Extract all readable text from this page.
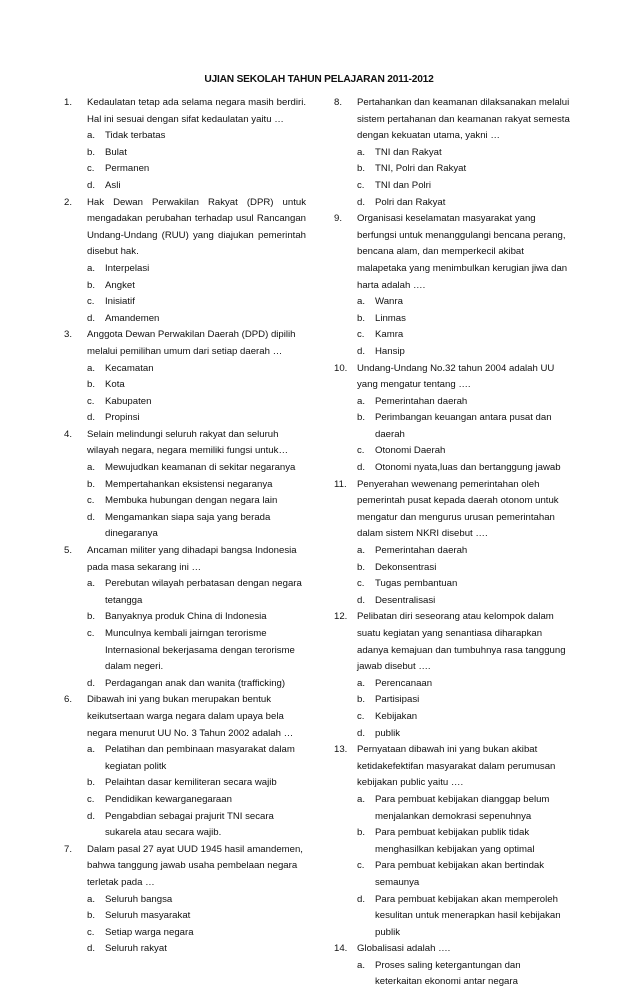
UJIAN SEKOLAH TAHUN PELAJARAN 2011-2012
1.	Kedaulatan tetap ada selama negara masih berdiri. Hal ini sesuai dengan sifat kedaulatan yaitu …
a.	Tidak terbatas
b.	Bulat
c.	Permanen
d.	Asli
2.	Hak Dewan Perwakilan Rakyat (DPR) untuk mengadakan perubahan terhadap usul Rancangan Undang-Undang (RUU) yang diajukan pemerintah disebut hak.
a.	Interpelasi
b.	Angket
c.	Inisiatif
d.	Amandemen
3.	Anggota Dewan Perwakilan Daerah (DPD) dipilih melalui pemilihan umum dari setiap daerah …
a.	Kecamatan
b.	Kota
c.	Kabupaten
d.	Propinsi
4.	Selain melindungi seluruh rakyat dan seluruh wilayah negara, negara memiliki fungsi untuk…
a.	Mewujudkan keamanan di sekitar negaranya
b.	Mempertahankan eksistensi negaranya
c.	Membuka hubungan dengan negara lain
d.	Mengamankan siapa saja yang berada dinegaranya
5.	Ancaman militer yang dihadapi bangsa Indonesia pada masa sekarang ini …
a.	Perebutan wilayah perbatasan dengan negara tetangga
b.	Banyaknya produk China di Indonesia
c.	Munculnya kembali jairngan terorisme Internasional bekerjasama dengan terorisme dalam negeri.
d.	Perdagangan anak dan wanita (trafficking)
6.	Dibawah ini yang bukan merupakan bentuk keikutsertaan warga negara dalam upaya bela negara menurut UU No. 3 Tahun 2002 adalah …
a.	Pelatihan dan pembinaan masyarakat dalam kegiatan politk
b.	Pelaihtan dasar kemiliteran secara wajib
c.	Pendidikan kewarganegaraan
d.	Pengabdian sebagai prajurit TNI secara sukarela atau secara wajib.
7.	Dalam pasal 27 ayat UUD 1945 hasil amandemen, bahwa tanggung jawab usaha pembelaan negara terletak pada …
a.	Seluruh bangsa
b.	Seluruh masyarakat
c.	Setiap warga negara
d.	Seluruh rakyat
8.	Pertahankan dan keamanan dilaksanakan melalui sistem pertahanan dan keamanan rakyat semesta dengan kekuatan utama, yakni …
a.	TNI dan Rakyat
b.	TNI, Polri dan Rakyat
c.	TNI dan Polri
d.	Polri dan Rakyat
9.	Organisasi keselamatan masyarakat yang berfungsi untuk menanggulangi bencana perang, bencana alam, dan memperkecil akibat malapetaka yang menimbulkan kerugian jiwa dan harta adalah ….
a.	Wanra
b.	Linmas
c.	Kamra
d.	Hansip
10.	Undang-Undang No.32 tahun 2004 adalah UU yang mengatur tentang ….
a.	Pemerintahan daerah
b.	Perimbangan keuangan antara pusat dan daerah
c.	Otonomi Daerah
d.	Otonomi nyata,luas dan bertanggung jawab
11.	Penyerahan wewenang pemerintahan oleh pemerintah pusat kepada daerah otonom untuk mengatur dan mengurus urusan pemerintahan dalam sistem NKRI disebut ….
a.	Pemerintahan daerah
b.	Dekonsentrasi
c.	Tugas pembantuan
d.	Desentralisasi
12.	Pelibatan diri seseorang atau kelompok dalam suatu kegiatan yang senantiasa diharapkan adanya kemajuan dan tumbuhnya rasa tanggung jawab disebut ….
a.	Perencanaan
b.	Partisipasi
c.	Kebijakan
d.	publik
13.	Pernyataan dibawah ini yang bukan akibat ketidakefektifan masyarakat dalam perumusan kebijakan public yaitu ….
a.	Para pembuat kebijakan dianggap belum menjalankan demokrasi sepenuhnya
b.	Para pembuat kebijakan publik tidak menghasilkan kebijakan yang optimal
c.	Para pembuat kebijakan akan bertindak semaunya
d.	Para pembuat kebijakan akan memperoleh kesulitan untuk menerapkan hasil kebijakan publik
14.	Globalisasi adalah ….
a.	Proses saling ketergantungan dan keterkaitan ekonomi antar negara
